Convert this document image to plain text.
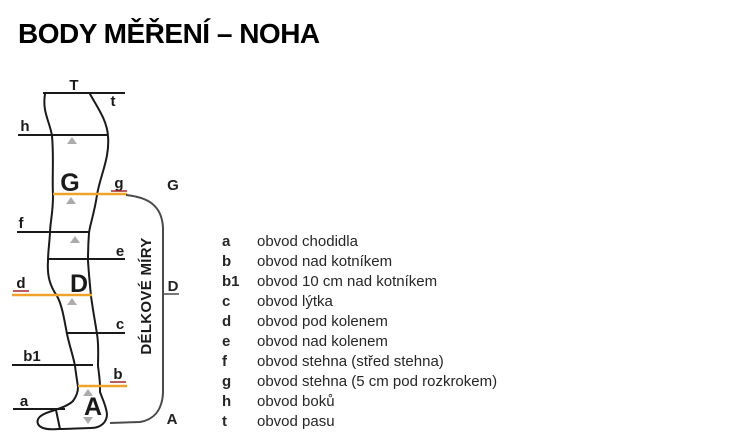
BODY MĚŘENÍ – NOHA
T
t
h
G
f
e
D
c
b1
a A
g
d
b
G
D
A
DÉLKOVÉ MÍRY	a	obvod chodidla
b	obvod nad kotníkem
b1	obvod 10 cm nad kotníkem
c	obvod lýtka
d	obvod pod kolenem
e	obvod nad kolenem
f	obvod stehna (střed stehna)
g	obvod stehna (5 cm pod rozkrokem)
h	obvod boků
t	obvod pasu
